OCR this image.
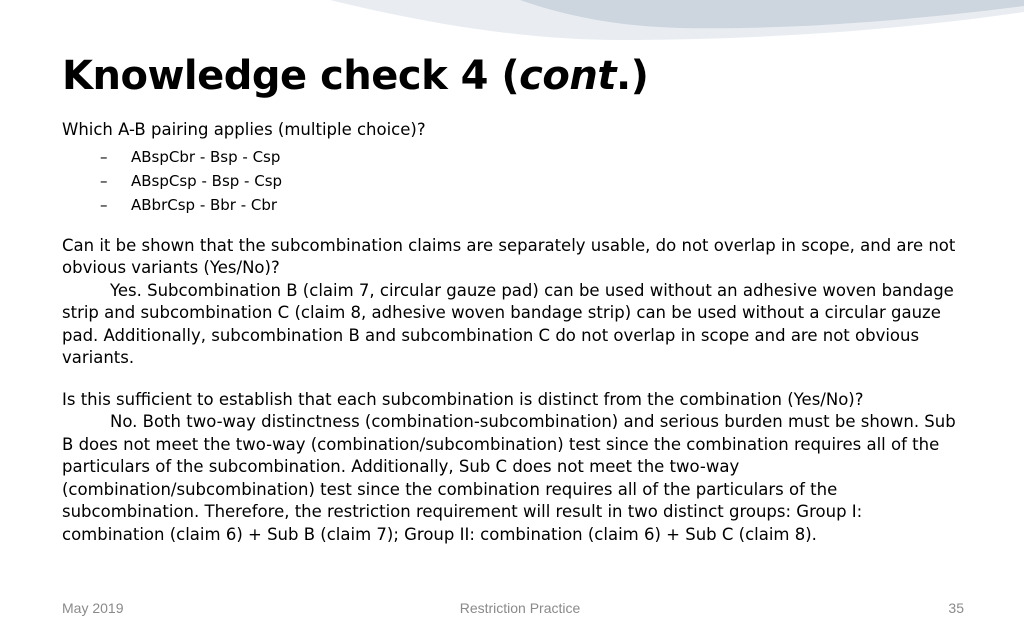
Knowledge check 4 (cont.)

Which A-B pairing applies (multiple choice)?

– ABspCbr - Bsp - Csp
– ABspCsp - Bsp - Csp
– ABbrCsp - Bbr - Cbr

Can it be shown that the subcombination claims are separately usable, do not overlap in scope, and are not obvious variants (Yes/No)?

Yes. Subcombination B (claim 7, circular gauze pad) can be used without an adhesive woven bandage strip and subcombination C (claim 8, adhesive woven bandage strip) can be used without a circular gauze pad. Additionally, subcombination B and subcombination C do not overlap in scope and are not obvious variants.

Is this sufficient to establish that each subcombination is distinct from the combination (Yes/No)?

No. Both two-way distinctness (combination-subcombination) and serious burden must be shown. Sub B does not meet the two-way (combination/subcombination) test since the combination requires all of the particulars of the subcombination. Additionally, Sub C does not meet the two-way (combination/subcombination) test since the combination requires all of the particulars of the subcombination. Therefore, the restriction requirement will result in two distinct groups: Group I: combination (claim 6) + Sub B (claim 7); Group II: combination (claim 6) + Sub C (claim 8).

May 2019	Restriction Practice	35
